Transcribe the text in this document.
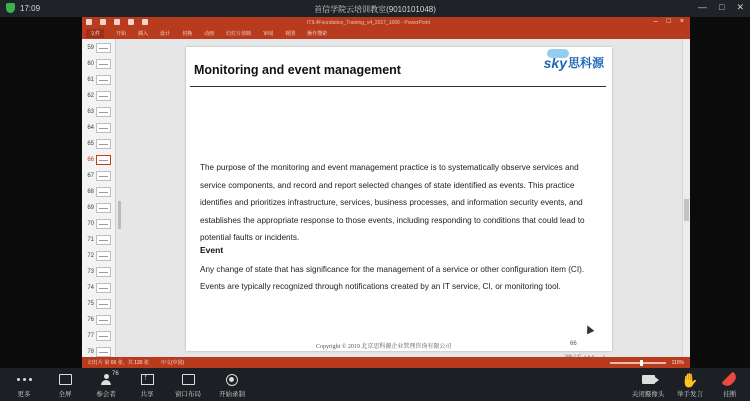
17:09	首信学院云培训教室(9010101048)	— □ ✕
ITIL4Foundation_Training_v4_2017_1006 - PowerPoint	– □ ×
文件	开始 插入 设计 切换 动画 幻灯片放映 审阅 视图 操作搜索
59
60
61
62
63
64
65
66
67
68
69
70
71
72
73
74
75
76
77
78
Monitoring and event management	sky 思科源
The purpose of the monitoring and event management practice is to systematically observe services and service components, and record and report selected changes of state identified as events. This practice identifies and prioritizes infrastructure, services, business processes, and information security events, and establishes the appropriate response to those events, including responding to conditions that could lead to potential faults or incidents.
Event
Any change of state that has significance for the management of a service or other configuration item (CI). Events are typically recognized through notifications created by an IT service, CI, or monitoring tool.
Copyright © 2019 北京思科源企业管理咨询有限公司	66
幻灯片 第 66 张，共 130 张 中文(中国)	110%
更多	全屏
76
参会者
↑	共享	窗口布局	开始录制	关闭摄像头
✋
举手发言	挂断
